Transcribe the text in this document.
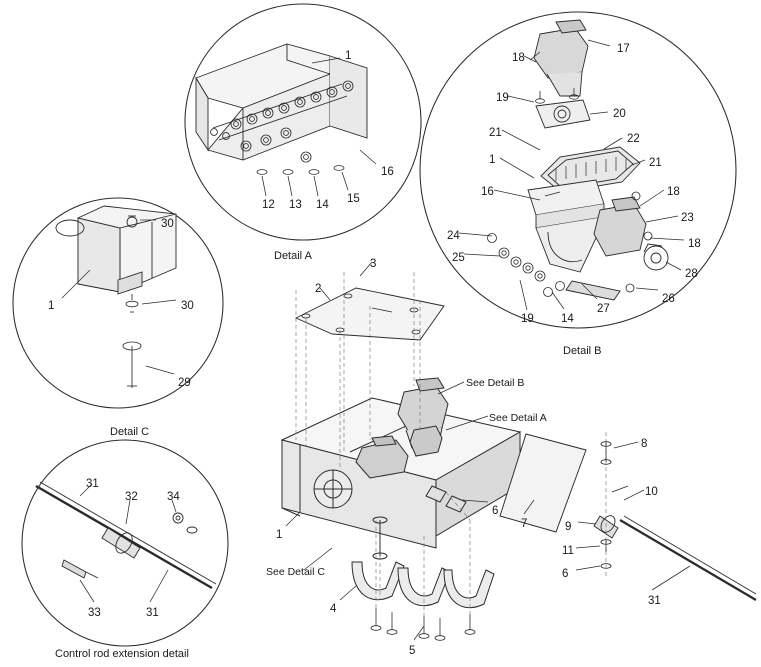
Detail A
Detail B
Detail C
Control rod extension detail
See Detail B
See Detail A
See Detail C
1
16
12 13 14 15
17
18
19
20
21	22
21
1
16	18
23
24
18
25
28
26
27
19 14
30
1	30
29
31
32	34
33	31
3
2
1
6
7
8
10
9
11
6
31
4
5
